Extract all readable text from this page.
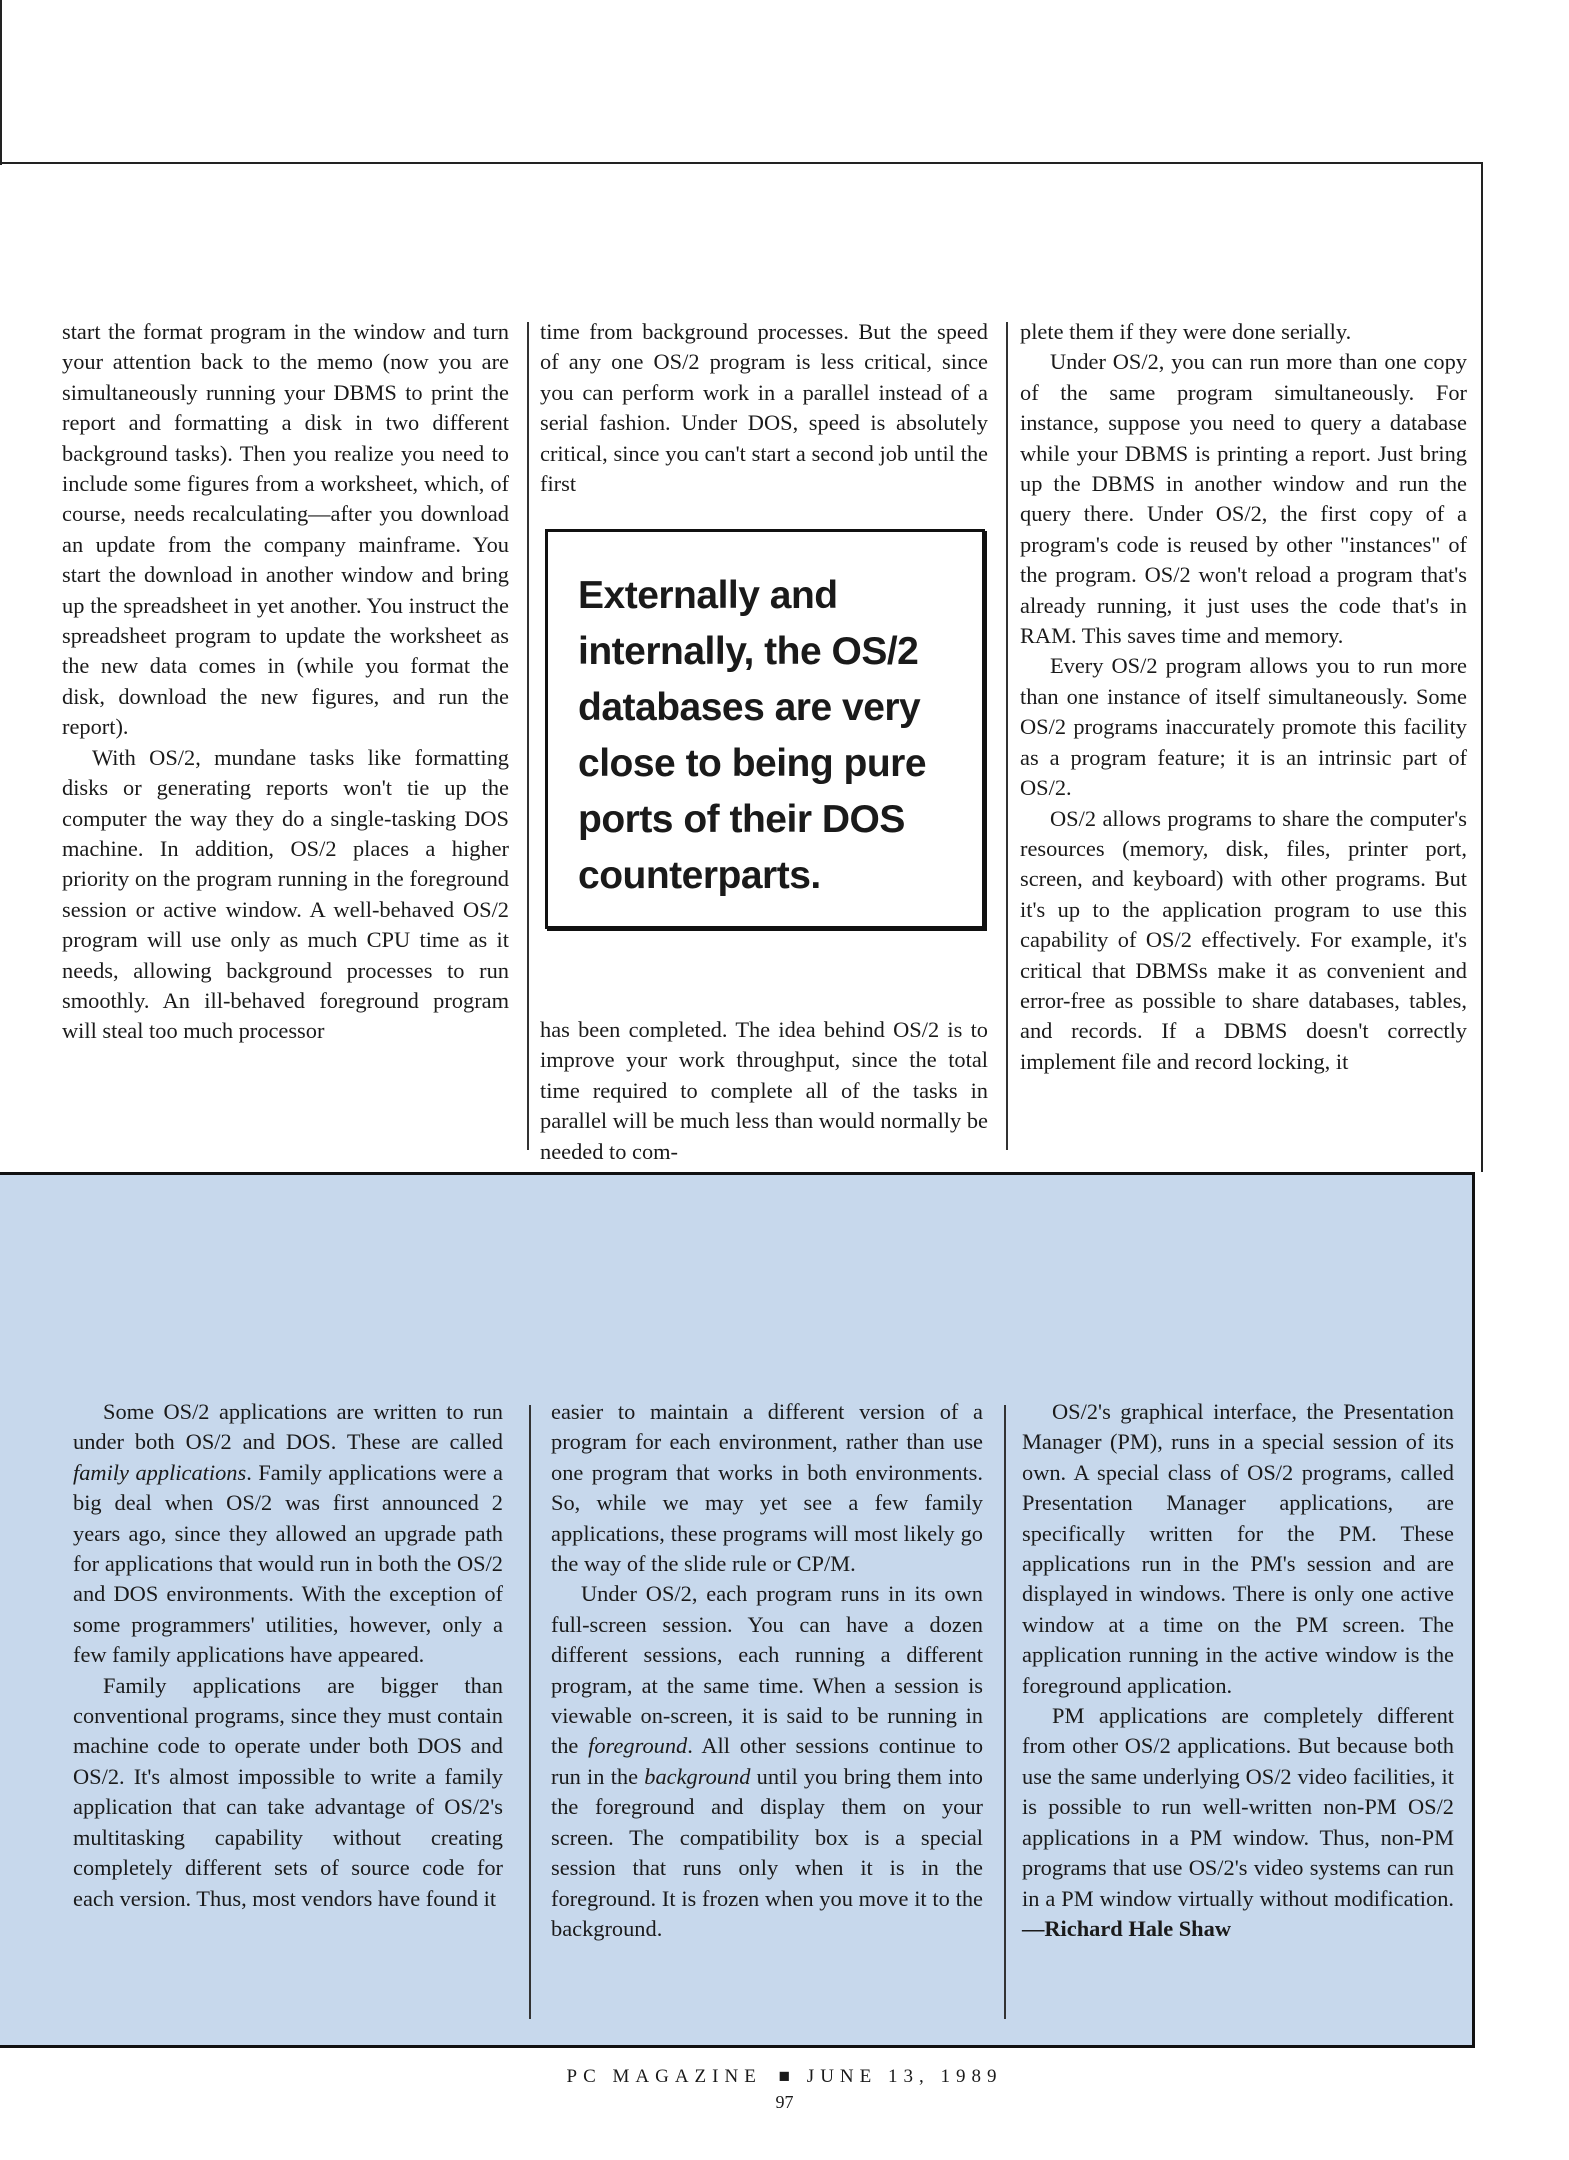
start the format program in the window and turn your attention back to the memo (now you are simultaneously running your DBMS to print the report and formatting a disk in two different background tasks). Then you realize you need to include some figures from a worksheet, which, of course, needs recalculating—after you download an update from the company mainframe. You start the download in another window and bring up the spreadsheet in yet another. You instruct the spreadsheet program to update the worksheet as the new data comes in (while you format the disk, download the new figures, and run the report).

With OS/2, mundane tasks like formatting disks or generating reports won't tie up the computer the way they do a single-tasking DOS machine. In addition, OS/2 places a higher priority on the program running in the foreground session or active window. A well-behaved OS/2 program will use only as much CPU time as it needs, allowing background processes to run smoothly. An ill-behaved foreground program will steal too much processor

time from background processes. But the speed of any one OS/2 program is less critical, since you can perform work in a parallel instead of a serial fashion. Under DOS, speed is absolutely critical, since you can't start a second job until the first

Externally and internally, the OS/2 databases are very close to being pure ports of their DOS counterparts.

has been completed. The idea behind OS/2 is to improve your work throughput, since the total time required to complete all of the tasks in parallel will be much less than would normally be needed to com-

plete them if they were done serially.

Under OS/2, you can run more than one copy of the same program simultaneously. For instance, suppose you need to query a database while your DBMS is printing a report. Just bring up the DBMS in another window and run the query there. Under OS/2, the first copy of a program's code is reused by other "instances" of the program. OS/2 won't reload a program that's already running, it just uses the code that's in RAM. This saves time and memory.

Every OS/2 program allows you to run more than one instance of itself simultaneously. Some OS/2 programs inaccurately promote this facility as a program feature; it is an intrinsic part of OS/2.

OS/2 allows programs to share the computer's resources (memory, disk, files, printer port, screen, and keyboard) with other programs. But it's up to the application program to use this capability of OS/2 effectively. For example, it's critical that DBMSs make it as convenient and error-free as possible to share databases, tables, and records. If a DBMS doesn't correctly implement file and record locking, it

Some OS/2 applications are written to run under both OS/2 and DOS. These are called family applications. Family applications were a big deal when OS/2 was first announced 2 years ago, since they allowed an upgrade path for applications that would run in both the OS/2 and DOS environments. With the exception of some programmers' utilities, however, only a few family applications have appeared.

Family applications are bigger than conventional programs, since they must contain machine code to operate under both DOS and OS/2. It's almost impossible to write a family application that can take advantage of OS/2's multitasking capability without creating completely different sets of source code for each version. Thus, most vendors have found it

easier to maintain a different version of a program for each environment, rather than use one program that works in both environments. So, while we may yet see a few family applications, these programs will most likely go the way of the slide rule or CP/M.

Under OS/2, each program runs in its own full-screen session. You can have a dozen different sessions, each running a different program, at the same time. When a session is viewable on-screen, it is said to be running in the foreground. All other sessions continue to run in the background until you bring them into the foreground and display them on your screen. The compatibility box is a special session that runs only when it is in the foreground. It is frozen when you move it to the background.

OS/2's graphical interface, the Presentation Manager (PM), runs in a special session of its own. A special class of OS/2 programs, called Presentation Manager applications, are specifically written for the PM. These applications run in the PM's session and are displayed in windows. There is only one active window at a time on the PM screen. The application running in the active window is the foreground application.

PM applications are completely different from other OS/2 applications. But because both use the same underlying OS/2 video facilities, it is possible to run well-written non-PM OS/2 applications in a PM window. Thus, non-PM programs that use OS/2's video systems can run in a PM window virtually without modification.—Richard Hale Shaw

PC MAGAZINE ■ JUNE 13, 1989
97
